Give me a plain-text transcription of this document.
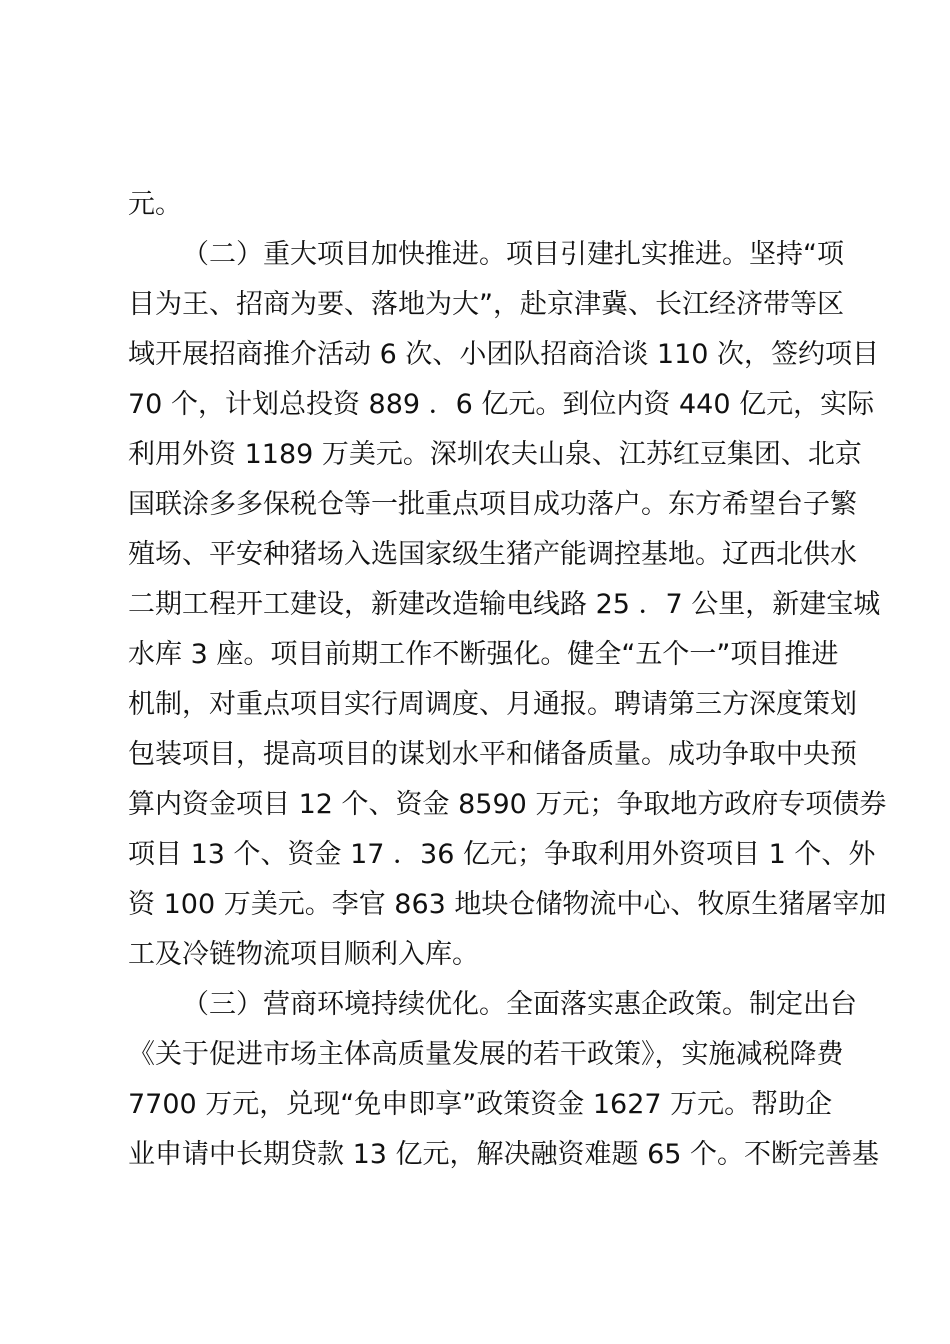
元。
（二）重大项目加快推进。项目引建扎实推进。坚持“项
目为王、招商为要、落地为大”，赴京津冀、长江经济带等区
域开展招商推介活动 6 次、小团队招商洽谈 110 次，签约项目
70 个，计划总投资 889 ．6 亿元。到位内资 440 亿元，实际
利用外资 1189 万美元。深圳农夫山泉、江苏红豆集团、北京
国联涂多多保税仓等一批重点项目成功落户。东方希望台子繁
殖场、平安种猪场入选国家级生猪产能调控基地。辽西北供水
二期工程开工建设，新建改造输电线路 25 ．7 公里，新建宝城
水库 3 座。项目前期工作不断强化。健全“五个一”项目推进
机制，对重点项目实行周调度、月通报。聘请第三方深度策划
包装项目，提高项目的谋划水平和储备质量。成功争取中央预
算内资金项目 12 个、资金 8590 万元；争取地方政府专项债券
项目 13 个、资金 17 ．36 亿元；争取利用外资项目 1 个、外
资 100 万美元。李官 863 地块仓储物流中心、牧原生猪屠宰加
工及冷链物流项目顺利入库。
（三）营商环境持续优化。全面落实惠企政策。制定出台
《关于促进市场主体高质量发展的若干政策》，实施减税降费
7700 万元，兑现“免申即享”政策资金 1627 万元。帮助企
业申请中长期贷款 13 亿元，解决融资难题 65 个。不断完善基
